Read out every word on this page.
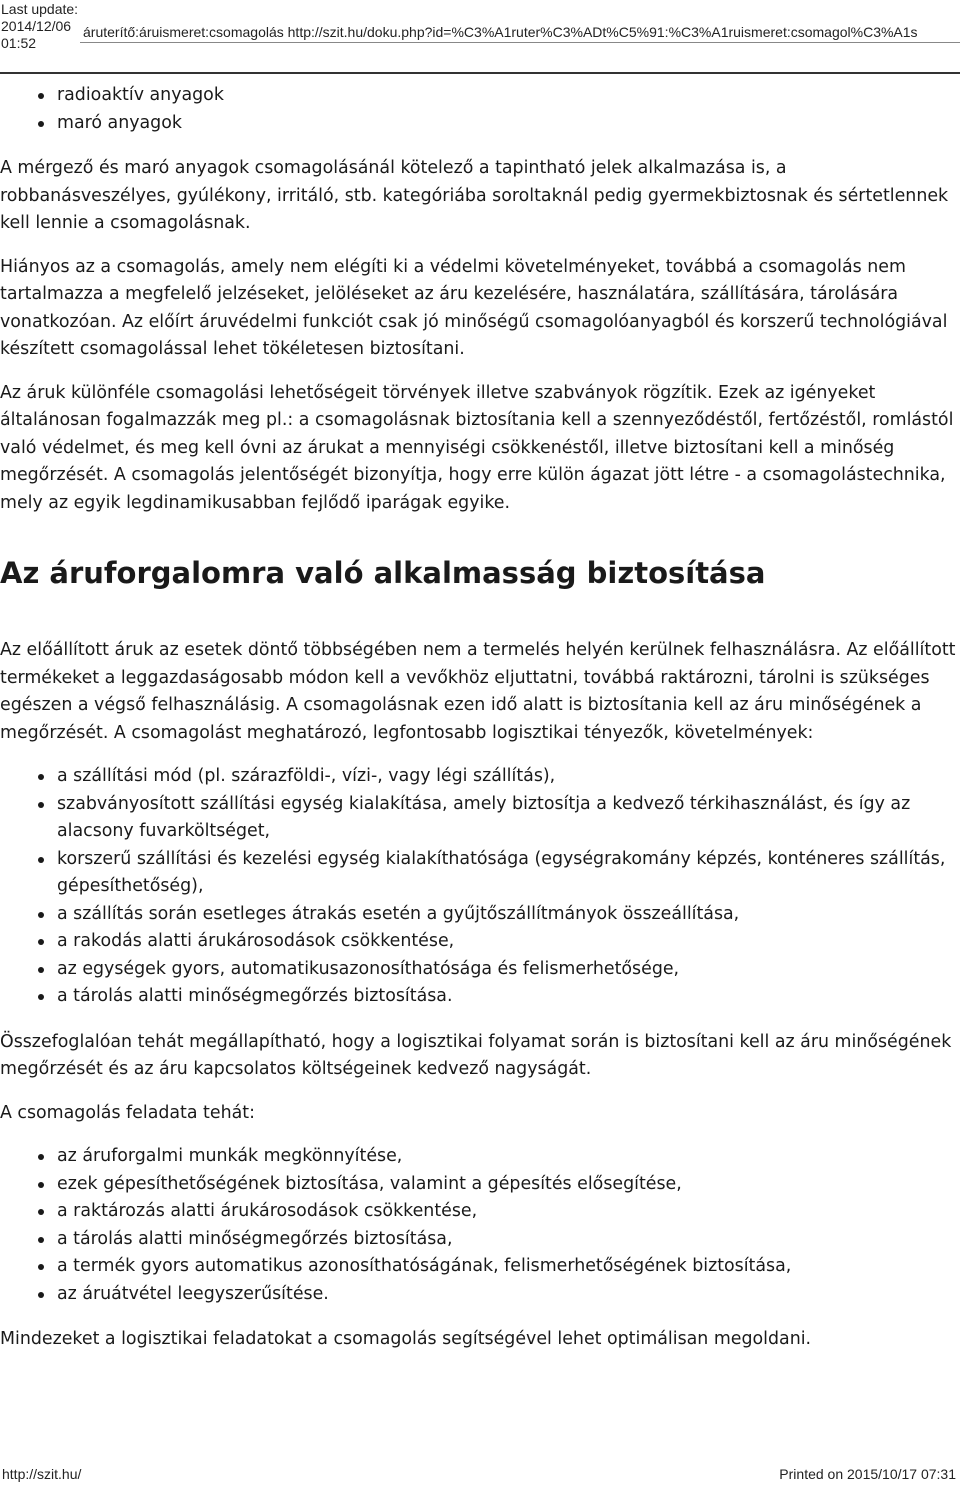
Last update:
2014/12/06 01:52
áruterítő:áruismeret:csomagolás http://szit.hu/doku.php?id=%C3%A1ruter%C3%ADt%C5%91:%C3%A1ruismeret:csomagol%C3%A1s
radioaktív anyagok
maró anyagok

A mérgező és maró anyagok csomagolásánál kötelező a tapintható jelek alkalmazása is, a robbanásveszélyes, gyúlékony, irritáló, stb. kategóriába soroltaknál pedig gyermekbiztosnak és sértetlennek kell lennie a csomagolásnak.

Hiányos az a csomagolás, amely nem elégíti ki a védelmi követelményeket, továbbá a csomagolás nem tartalmazza a megfelelő jelzéseket, jelöléseket az áru kezelésére, használatára, szállítására, tárolására vonatkozóan. Az előírt áruvédelmi funkciót csak jó minőségű csomagolóanyagból és korszerű technológiával készített csomagolással lehet tökéletesen biztosítani.

Az áruk különféle csomagolási lehetőségeit törvények illetve szabványok rögzítik. Ezek az igényeket általánosan fogalmazzák meg pl.: a csomagolásnak biztosítania kell a szennyeződéstől, fertőzéstől, romlástól való védelmet, és meg kell óvni az árukat a mennyiségi csökkenéstől, illetve biztosítani kell a minőség megőrzését. A csomagolás jelentőségét bizonyítja, hogy erre külön ágazat jött létre - a csomagolástechnika, mely az egyik legdinamikusabban fejlődő iparágak egyike.

Az áruforgalomra való alkalmasság biztosítása

Az előállított áruk az esetek döntő többségében nem a termelés helyén kerülnek felhasználásra. Az előállított termékeket a leggazdaságosabb módon kell a vevőkhöz eljuttatni, továbbá raktározni, tárolni is szükséges egészen a végső felhasználásig. A csomagolásnak ezen idő alatt is biztosítania kell az áru minőségének a megőrzését. A csomagolást meghatározó, legfontosabb logisztikai tényezők, követelmények:

a szállítási mód (pl. szárazföldi-, vízi-, vagy légi szállítás),
szabványosított szállítási egység kialakítása, amely biztosítja a kedvező térkihasználást, és így az alacsony fuvarköltséget,
korszerű szállítási és kezelési egység kialakíthatósága (egységrakomány képzés, konténeres szállítás, gépesíthetőség),
a szállítás során esetleges átrakás esetén a gyűjtőszállítmányok összeállítása,
a rakodás alatti árukárosodások csökkentése,
az egységek gyors, automatikusazonosíthatósága és felismerhetősége,
a tárolás alatti minőségmegőrzés biztosítása.

Összefoglalóan tehát megállapítható, hogy a logisztikai folyamat során is biztosítani kell az áru minőségének megőrzését és az áru kapcsolatos költségeinek kedvező nagyságát.

A csomagolás feladata tehát:

az áruforgalmi munkák megkönnyítése,
ezek gépesíthetőségének biztosítása, valamint a gépesítés elősegítése,
a raktározás alatti árukárosodások csökkentése,
a tárolás alatti minőségmegőrzés biztosítása,
a termék gyors automatikus azonosíthatóságának, felismerhetőségének biztosítása,
az áruátvétel leegyszerűsítése.

Mindezeket a logisztikai feladatokat a csomagolás segítségével lehet optimálisan megoldani.

http://szit.hu/	Printed on 2015/10/17 07:31
